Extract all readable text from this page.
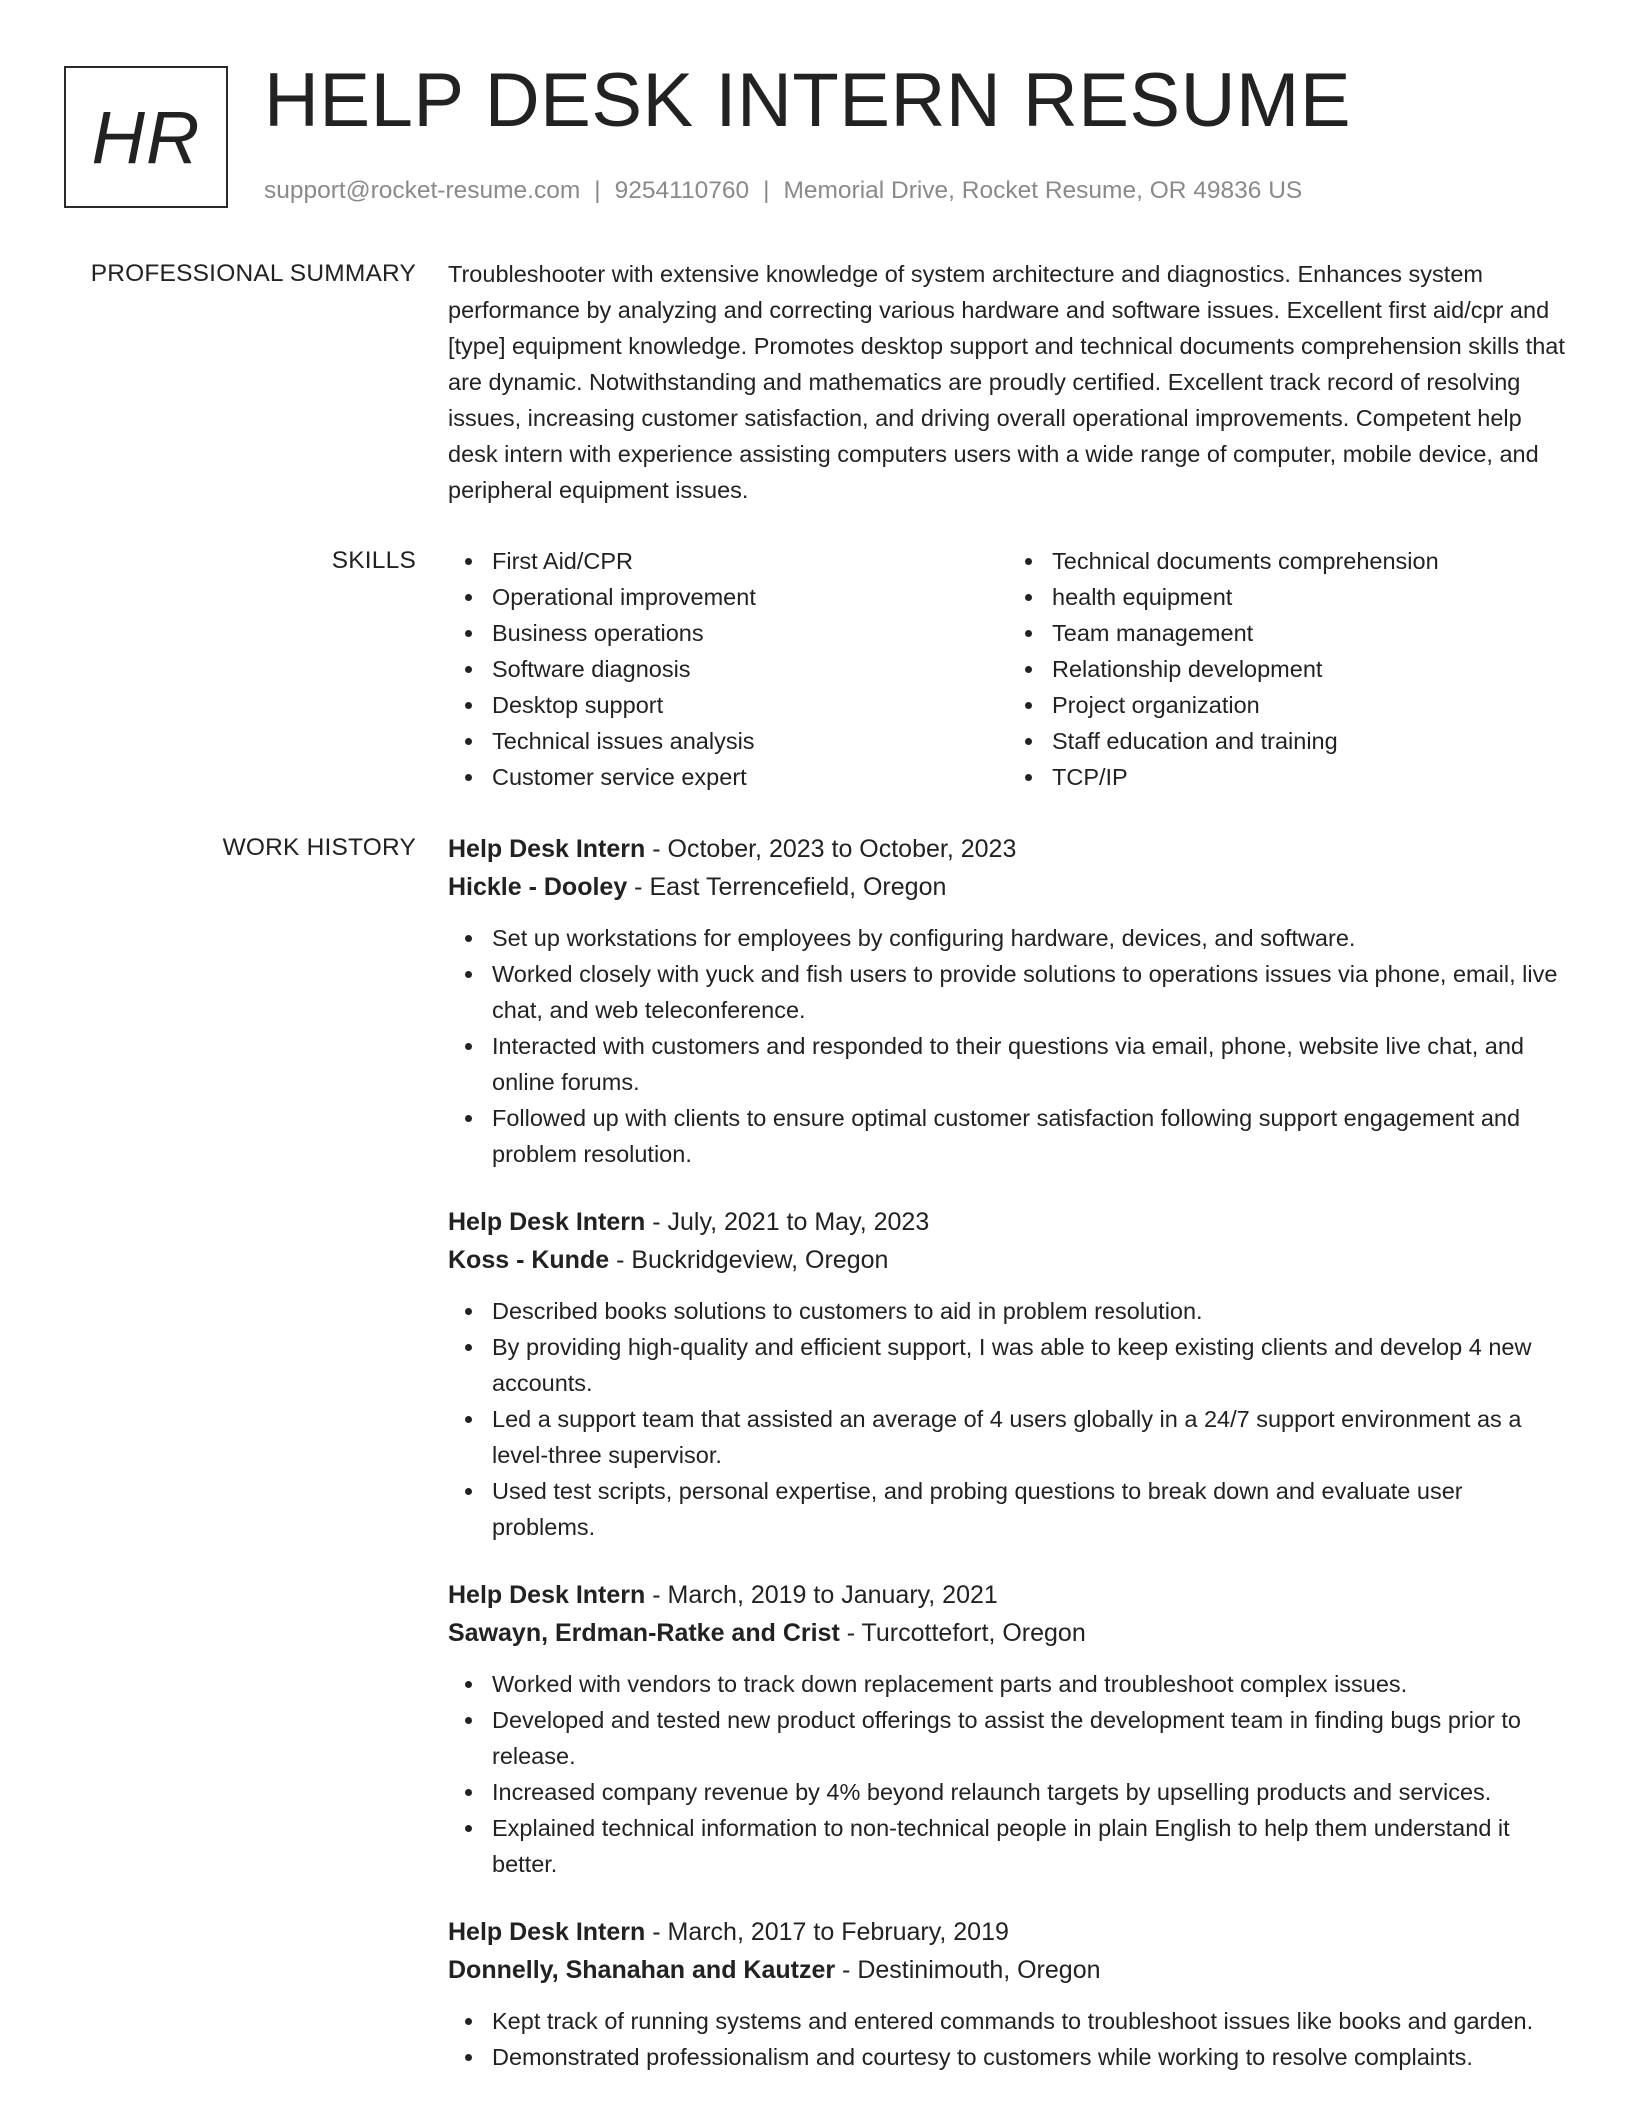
HR HELP DESK INTERN RESUME
support@rocket-resume.com | 9254110760 | Memorial Drive, Rocket Resume, OR 49836 US
PROFESSIONAL SUMMARY Troubleshooter with extensive knowledge of system architecture and diagnostics. Enhances system performance by analyzing and correcting various hardware and software issues. Excellent first aid/cpr and [type] equipment knowledge. Promotes desktop support and technical documents comprehension skills that are dynamic. Notwithstanding and mathematics are proudly certified. Excellent track record of resolving issues, increasing customer satisfaction, and driving overall operational improvements. Competent help desk intern with experience assisting computers users with a wide range of computer, mobile device, and peripheral equipment issues.

SKILLS	First Aid/CPR
Operational improvement
Business operations
Software diagnosis
Desktop support
Technical issues analysis
Customer service expert
Technical documents comprehension
health equipment
Team management
Relationship development
Project organization
Staff education and training
TCP/IP
WORK HISTORY Help Desk Intern - October, 2023 to October, 2023
Hickle - Dooley - East Terrencefield, Oregon
Set up workstations for employees by configuring hardware, devices, and software.
Worked closely with yuck and fish users to provide solutions to operations issues via phone, email, live chat, and web teleconference.
Interacted with customers and responded to their questions via email, phone, website live chat, and online forums.
Followed up with clients to ensure optimal customer satisfaction following support engagement and problem resolution.
Help Desk Intern - July, 2021 to May, 2023
Koss - Kunde - Buckridgeview, Oregon
Described books solutions to customers to aid in problem resolution.
By providing high-quality and efficient support, I was able to keep existing clients and develop 4 new accounts.
Led a support team that assisted an average of 4 users globally in a 24/7 support environment as a level-three supervisor.
Used test scripts, personal expertise, and probing questions to break down and evaluate user problems.
Help Desk Intern - March, 2019 to January, 2021
Sawayn, Erdman-Ratke and Crist - Turcottefort, Oregon
Worked with vendors to track down replacement parts and troubleshoot complex issues.
Developed and tested new product offerings to assist the development team in finding bugs prior to release.
Increased company revenue by 4% beyond relaunch targets by upselling products and services.
Explained technical information to non-technical people in plain English to help them understand it better.
Help Desk Intern - March, 2017 to February, 2019
Donnelly, Shanahan and Kautzer - Destinimouth, Oregon
Kept track of running systems and entered commands to troubleshoot issues like books and garden.
Demonstrated professionalism and courtesy to customers while working to resolve complaints.
